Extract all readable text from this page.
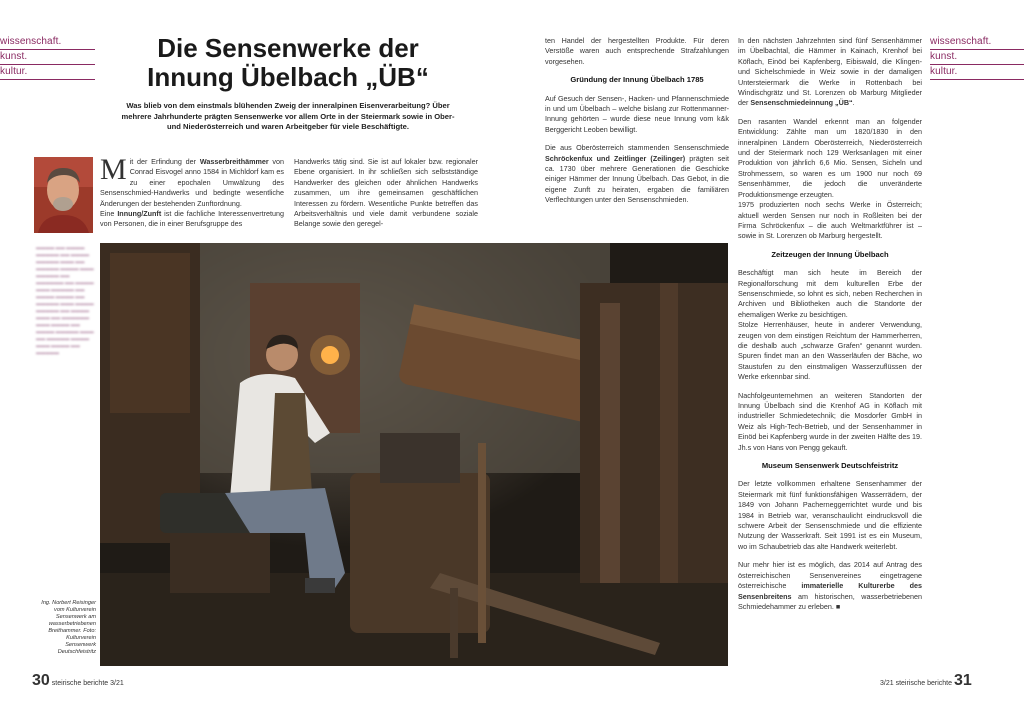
wissenschaft.
kunst.
kultur.
wissenschaft.
kunst.
kultur.
Die Sensenwerke der
Innung Übelbach „ÜB“
Was blieb von dem einstmals blühenden Zweig der inneralpinen Eisenverarbeitung? Über mehrere Jahrhunderte prägten Sensenwerke vor allem Orte in der Steiermark sowie in Ober- und Niederösterreich und waren Arbeitgeber für viele Beschäftigte.
▬▬▬▬ ▬▬ ▬▬▬▬ ▬▬▬▬▬ ▬▬ ▬▬▬▬ ▬▬▬▬▬ ▬▬▬ ▬▬ ▬▬▬▬▬ ▬▬▬▬ ▬▬▬ ▬▬▬▬▬ ▬▬ ▬▬▬▬▬▬ ▬▬ ▬▬▬▬ ▬▬▬ ▬▬▬▬▬ ▬▬ ▬▬▬▬ ▬▬▬▬ ▬▬ ▬▬▬▬▬ ▬▬▬ ▬▬▬▬ ▬▬▬▬▬ ▬▬ ▬▬▬▬ ▬▬▬ ▬▬ ▬▬▬▬▬▬ ▬▬▬ ▬▬▬▬ ▬▬ ▬▬▬▬ ▬▬▬▬▬ ▬▬▬ ▬▬ ▬▬▬▬▬ ▬▬▬▬ ▬▬▬ ▬▬▬▬ ▬▬ ▬▬▬▬▬

Mit der Erfindung der Wasserbreithämmer von Conrad Eisvogel anno 1584 in Michldorf kam es zu einer epochalen Umwälzung des Sensenschmied-Handwerks und bedingte wesentliche Änderungen der bestehenden Zunftordnung.

Eine Innung/Zunft ist die fachliche Interessenvertretung von Personen, die in einer Berufsgruppe des

Handwerks tätig sind. Sie ist auf lokaler bzw. regionaler Ebene organisiert. In ihr schließen sich selbstständige Handwerker des gleichen oder ähnlichen Handwerks zusammen, um ihre gemeinsamen geschäftlichen Interessen zu fördern. Wesentliche Punkte betreffen das Arbeitsverhältnis und viele damit verbundene soziale Belange sowie den geregel-

ten Handel der hergestellten Produkte. Für deren Verstöße waren auch entsprechende Strafzahlungen vorgesehen.

Gründung der Innung Übelbach 1785

Auf Gesuch der Sensen-, Hacken- und Pfannenschmiede in und um Übelbach – welche bislang zur Rottenmanner-Innung gehörten – wurde diese neue Innung vom k&k Berggericht Leoben bewilligt.

Die aus Oberösterreich stammenden Sensenschmiede Schröckenfux und Zeitlinger (Zeilinger) prägten seit ca. 1730 über mehrere Generationen die Geschicke einiger Hämmer der Innung Übelbach. Das Gebot, in die eigene Zunft zu heiraten, ergaben die familiären Verflechtungen unter den Sensenschmieden.

In den nächsten Jahrzehnten sind fünf Sensenhämmer im Übelbachtal, die Hämmer in Kainach, Krenhof bei Köflach, Einöd bei Kapfenberg, Eibiswald, die Klingen- und Sichelschmiede in Weiz sowie in der damaligen Untersteiermark die Werke in Rottenbach bei Windischgrätz und St. Lorenzen ob Marburg Mitglieder der Sensenschmiedeinnung „ÜB“.

Den rasanten Wandel erkennt man an folgender Entwicklung: Zählte man um 1820/1830 in den inneralpinen Ländern Oberösterreich, Niederösterreich und der Steiermark noch 129 Werksanlagen mit einer Produktion von jährlich 6,6 Mio. Sensen, Sicheln und Strohmessern, so waren es um 1900 nur noch 69 Sensenhämmer, die jedoch die unveränderte Produktionsmenge erzeugten.

1975 produzierten noch sechs Werke in Österreich; aktuell werden Sensen nur noch in Roßleiten bei der Firma Schröckenfux – die auch Weltmarktführer ist – sowie in St. Lorenzen ob Marburg hergestellt.

Zeitzeugen der Innung Übelbach

Beschäftigt man sich heute im Bereich der Regionalforschung mit dem kulturellen Erbe der Sensenschmiede, so lohnt es sich, neben Recherchen in Archiven und Bibliotheken auch die Standorte der ehemaligen Werke zu besichtigen.

Stolze Herrenhäuser, heute in anderer Verwendung, zeugen von dem einstigen Reichtum der Hammerherren, die deshalb auch „schwarze Grafen“ genannt wurden. Spuren findet man an den Wasserläufen der Bäche, wo Staustufen zu den einstmaligen Wasserzuflüssen der Werke erkennbar sind.

Nachfolgeunternehmen an weiteren Standorten der Innung Übelbach sind die Krenhof AG in Köflach mit industrieller Schmiedetechnik; die Mosdorfer GmbH in Weiz als High-Tech-Betrieb, und der Sensenhammer in Einöd bei Kapfenberg wurde in der zweiten Hälfte des 19. Jh.s von Hans von Pengg gekauft.

Museum Sensenwerk Deutschfeistritz

Der letzte vollkommen erhaltene Sensenhammer der Steiermark mit fünf funktionsfähigen Wasserrädern, der 1849 von Johann Pacherneggerrichtet wurde und bis 1984 in Betrieb war, veranschaulicht eindrucksvoll die schwere Arbeit der Sensenschmiede und die effiziente Nutzung der Wasserkraft. Seit 1991 ist es ein Museum, wo im Schaubetrieb das alte Handwerk weiterlebt.

Nur mehr hier ist es möglich, das 2014 auf Antrag des österreichischen Sensenvereines eingetragene österreichische immaterielle Kulturerbe des Sensenbreitens am historischen, wasserbetriebenen Schmiedehammer zu erleben. ■

Ing. Norbert Reisinger vom Kulturverein Sensenwerk am wasserbetriebenen Breithammer. Foto: Kulturverein Sensenwerk Deutschfeistritz
30 steirische berichte 3/21	3/21 steirische berichte 31
